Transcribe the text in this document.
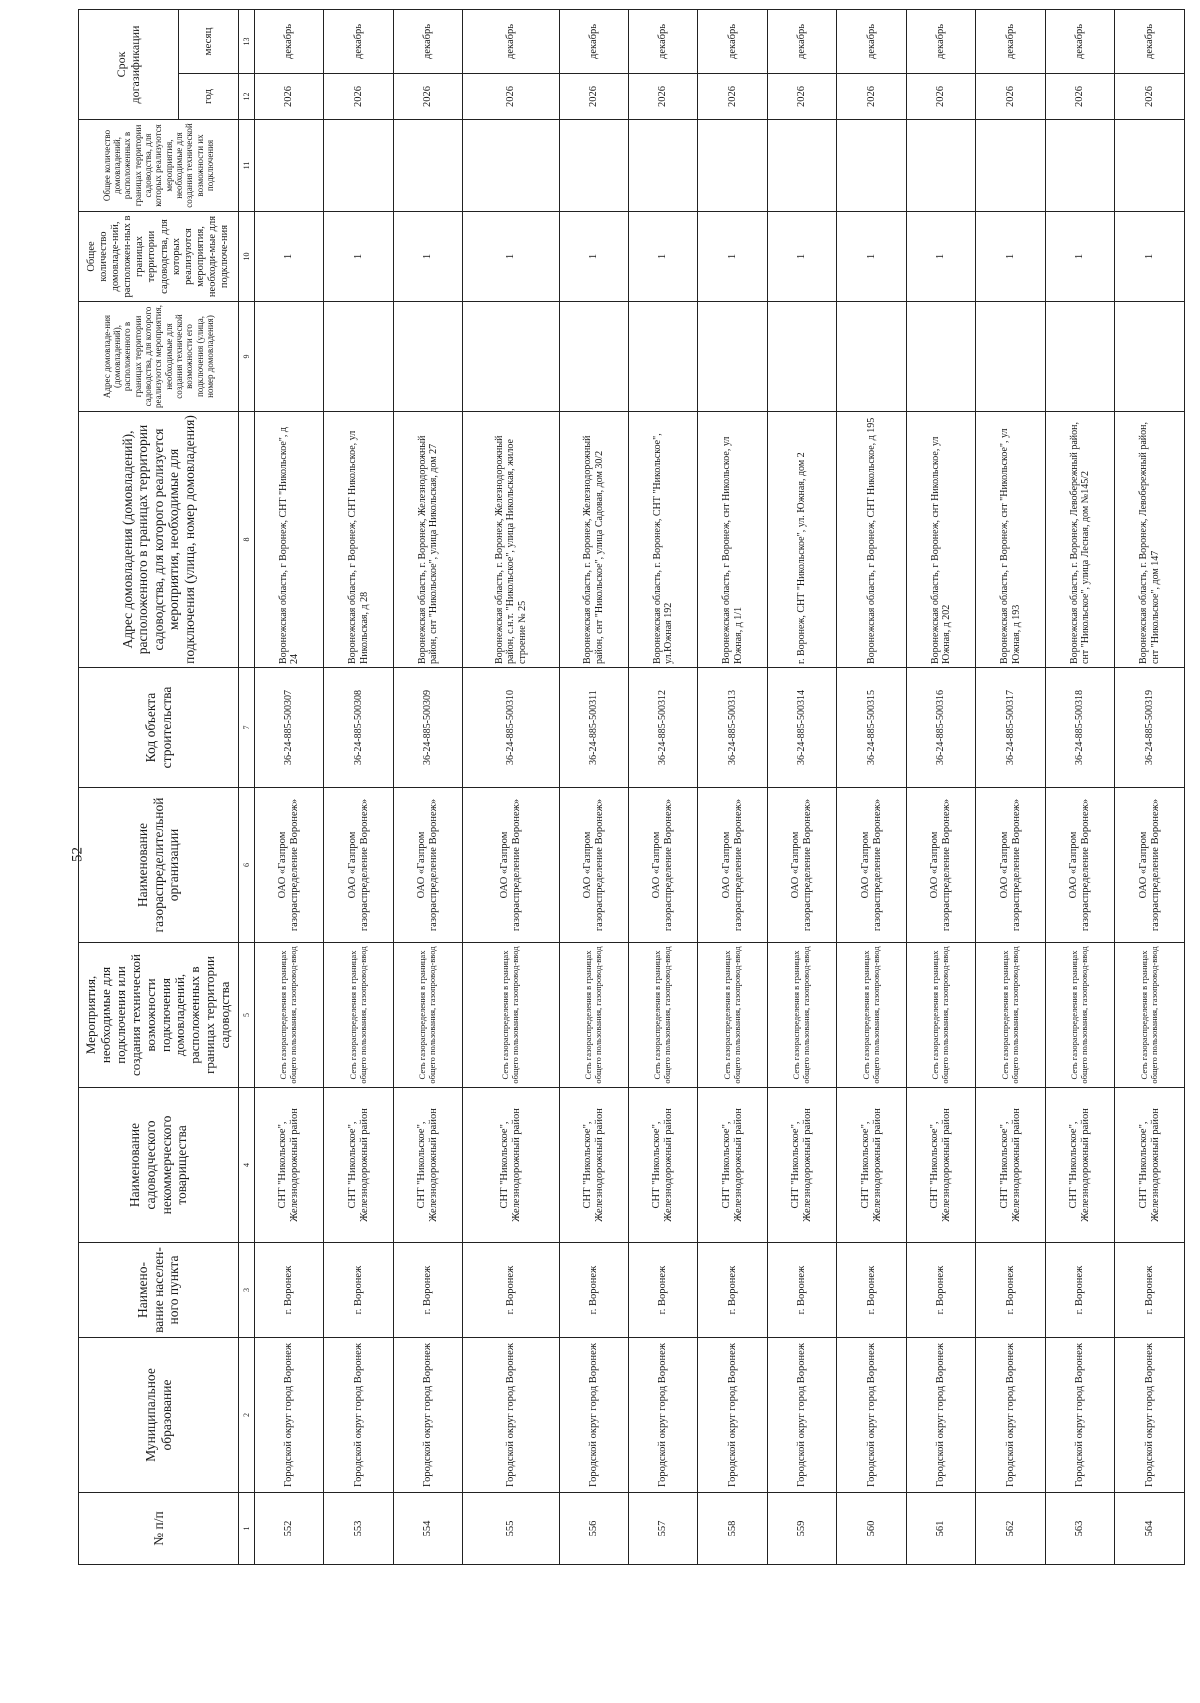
52
№ п/п	Муниципальное образование	Наимено-вание населен-ного пункта	Наименование садоводческого некоммерческого товарищества	Мероприятия, необходимые для подключения или создания технической возможности подключения домовладений, расположенных в границах территории садоводства	Наименование газораспределительной организации	Код объекта строительства	Адрес домовладения (домовладений), расположенного в границах территории садоводства, для которого реализуется мероприятия, необходимые для подключения (улица, номер домовладения)	Адрес домовладе-ния (домовладений), расположенного в границах территории садоводства, для которого реализуются мероприятия, необходимые для создания технической возможности его подключения (улица, номер домовладения)	Общее количество домовладе-ний, расположен-ных в границах территории садоводства, для которых реализуются мероприятия, необходи-мые для подключе-ния	Общее количество домовладений, расположенных в границах территории садоводства, для которых реализуются мероприятия, необходимые для создания технической возможности их подключения	Срок догазификации	
											год	месяц
1	2	3	4	5	6	7	8	9	10	11	12	13
552	Городской округ город Воронеж	г. Воронеж	СНТ "Никольское", Железнодорожный район	Сеть газораспределения в границах общего пользования, газопровод-ввод	ОАО «Газпром газораспределение Воронеж»	36-24-885-500307	Воронежская область, г Воронеж, СНТ "Никольское", д 24		1		2026	декабрь
553	Городской округ город Воронеж	г. Воронеж	СНТ "Никольское", Железнодорожный район	Сеть газораспределения в границах общего пользования, газопровод-ввод	ОАО «Газпром газораспределение Воронеж»	36-24-885-500308	Воронежская область, г Воронеж, СНТ Никольское, ул Никольская, д 28		1		2026	декабрь
554	Городской округ город Воронеж	г. Воронеж	СНТ "Никольское", Железнодорожный район	Сеть газораспределения в границах общего пользования, газопровод-ввод	ОАО «Газпром газораспределение Воронеж»	36-24-885-500309	Воронежская область, г. Воронеж, Железнодорожный район, снт "Никольское", улица Никольская, дом 27		1		2026	декабрь
555	Городской округ город Воронеж	г. Воронеж	СНТ "Никольское", Железнодорожный район	Сеть газораспределения в границах общего пользования, газопровод-ввод	ОАО «Газпром газораспределение Воронеж»	36-24-885-500310	Воронежская область, г. Воронеж, Железнодорожный район, с.н.т. "Никольское", улица Никольская, жилое строение № 25		1		2026	декабрь
556	Городской округ город Воронеж	г. Воронеж	СНТ "Никольское", Железнодорожный район	Сеть газораспределения в границах общего пользования, газопровод-ввод	ОАО «Газпром газораспределение Воронеж»	36-24-885-500311	Воронежская область, г. Воронеж, Железнодорожный район, снт "Никольское", улица Садовая, дом 30/2		1		2026	декабрь
557	Городской округ город Воронеж	г. Воронеж	СНТ "Никольское", Железнодорожный район	Сеть газораспределения в границах общего пользования, газопровод-ввод	ОАО «Газпром газораспределение Воронеж»	36-24-885-500312	Воронежская область, г. Воронеж, СНТ "Никольское", ул.Южная 192		1		2026	декабрь
558	Городской округ город Воронеж	г. Воронеж	СНТ "Никольское", Железнодорожный район	Сеть газораспределения в границах общего пользования, газопровод-ввод	ОАО «Газпром газораспределение Воронеж»	36-24-885-500313	Воронежская область, г Воронеж, снт Никольское, ул Южная, д 1/1		1		2026	декабрь
559	Городской округ город Воронеж	г. Воронеж	СНТ "Никольское", Железнодорожный район	Сеть газораспределения в границах общего пользования, газопровод-ввод	ОАО «Газпром газораспределение Воронеж»	36-24-885-500314	г. Воронеж, СНТ "Никольское", ул. Южная, дом 2		1		2026	декабрь
560	Городской округ город Воронеж	г. Воронеж	СНТ "Никольское", Железнодорожный район	Сеть газораспределения в границах общего пользования, газопровод-ввод	ОАО «Газпром газораспределение Воронеж»	36-24-885-500315	Воронежская область, г Воронеж, СНТ Никольское, д 195		1		2026	декабрь
561	Городской округ город Воронеж	г. Воронеж	СНТ "Никольское", Железнодорожный район	Сеть газораспределения в границах общего пользования, газопровод-ввод	ОАО «Газпром газораспределение Воронеж»	36-24-885-500316	Воронежская область, г Воронеж, снт Никольское, ул Южная, д 202		1		2026	декабрь
562	Городской округ город Воронеж	г. Воронеж	СНТ "Никольское", Железнодорожный район	Сеть газораспределения в границах общего пользования, газопровод-ввод	ОАО «Газпром газораспределение Воронеж»	36-24-885-500317	Воронежская область, г Воронеж, снт "Никольское", ул Южная, д 193		1		2026	декабрь
563	Городской округ город Воронеж	г. Воронеж	СНТ "Никольское", Железнодорожный район	Сеть газораспределения в границах общего пользования, газопровод-ввод	ОАО «Газпром газораспределение Воронеж»	36-24-885-500318	Воронежская область, г. Воронеж, Левобережный район, снт "Никольское", улица Лесная, дом №145/2		1		2026	декабрь
564	Городской округ город Воронеж	г. Воронеж	СНТ "Никольское", Железнодорожный район	Сеть газораспределения в границах общего пользования, газопровод-ввод	ОАО «Газпром газораспределение Воронеж»	36-24-885-500319	Воронежская область, г. Воронеж, Левобережный район, снт "Никольское", дом 147		1		2026	декабрь
